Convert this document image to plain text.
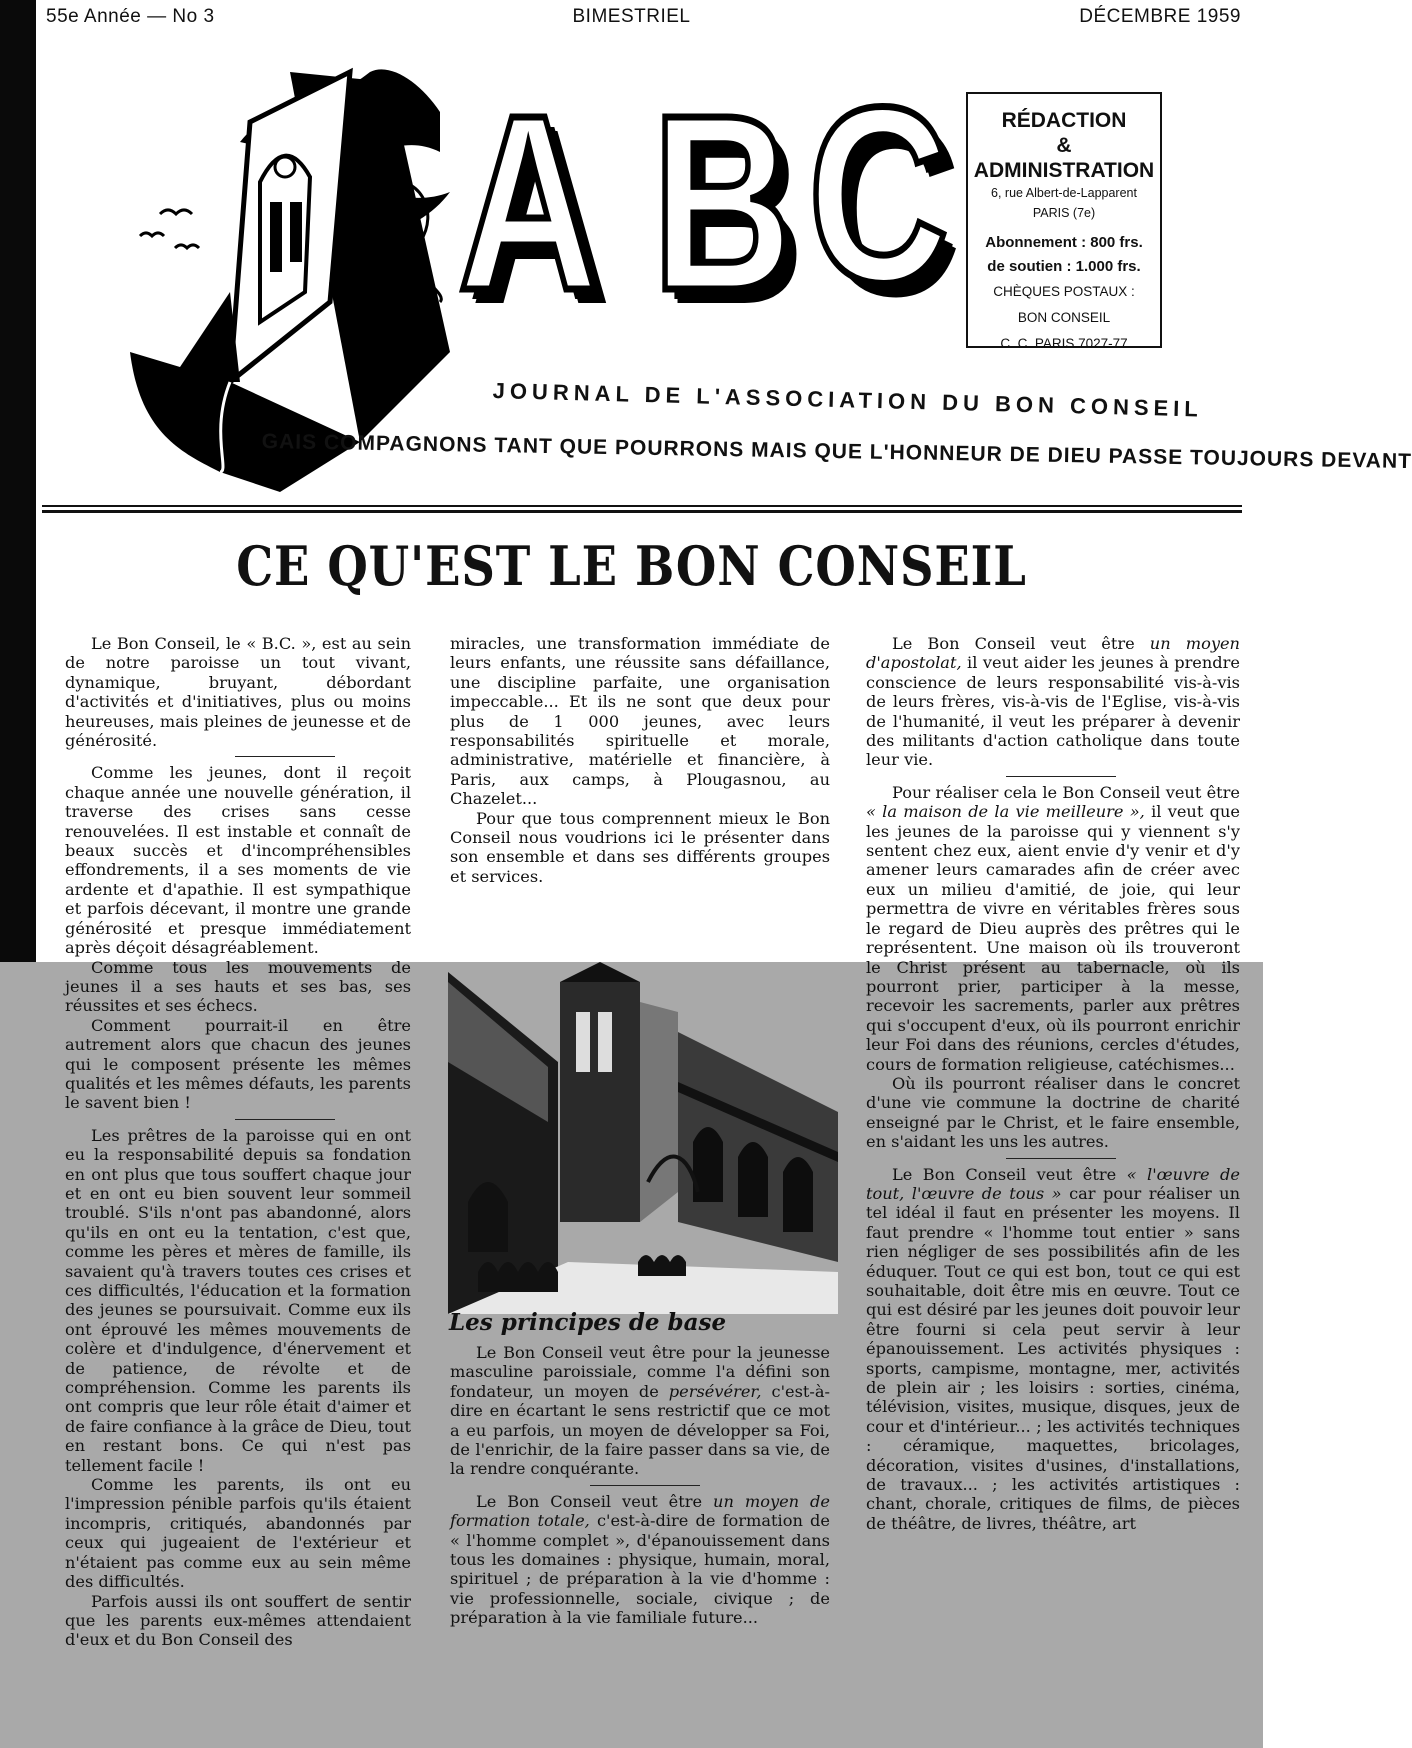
55e Année — No 3	BIMESTRIEL	DÉCEMBRE 1959
A B C	RÉDACTION
& ADMINISTRATION
6, rue Albert-de-Lapparent
PARIS (7e)
Abonnement : 800 frs.
de soutien : 1.000 frs.
CHÈQUES POSTAUX :
BON CONSEIL
C. C. PARIS 7027-77
JOURNAL DE L'ASSOCIATION DU BON CONSEIL
GAIS COMPAGNONS TANT QUE POURRONS MAIS QUE L'HONNEUR DE DIEU PASSE TOUJOURS DEVANT
CE QU'EST LE BON CONSEIL

Le Bon Conseil, le « B.C. », est au sein de notre paroisse un tout vivant, dynamique, bruyant, débordant d'activités et d'initiatives, plus ou moins heureuses, mais pleines de jeunesse et de générosité.

Comme les jeunes, dont il reçoit chaque année une nouvelle génération, il traverse des crises sans cesse renouvelées. Il est instable et connaît de beaux succès et d'incompréhensibles effondrements, il a ses moments de vie ardente et d'apathie. Il est sympathique et parfois décevant, il montre une grande générosité et presque immédiatement après déçoit désagréablement.

Comme tous les mouvements de jeunes il a ses hauts et ses bas, ses réussites et ses échecs.

Comment pourrait-il en être autrement alors que chacun des jeunes qui le composent présente les mêmes qualités et les mêmes défauts, les parents le savent bien !

Les prêtres de la paroisse qui en ont eu la responsabilité depuis sa fondation en ont plus que tous souffert chaque jour et en ont eu bien souvent leur sommeil troublé. S'ils n'ont pas abandonné, alors qu'ils en ont eu la tentation, c'est que, comme les pères et mères de famille, ils savaient qu'à travers toutes ces crises et ces difficultés, l'éducation et la formation des jeunes se poursuivait. Comme eux ils ont éprouvé les mêmes mouvements de colère et d'indulgence, d'énervement et de patience, de révolte et de compréhension. Comme les parents ils ont compris que leur rôle était d'aimer et de faire confiance à la grâce de Dieu, tout en restant bons. Ce qui n'est pas tellement facile !

Comme les parents, ils ont eu l'impression pénible parfois qu'ils étaient incompris, critiqués, abandonnés par ceux qui jugeaient de l'extérieur et n'étaient pas comme eux au sein même des difficultés.

Parfois aussi ils ont souffert de sentir que les parents eux-mêmes attendaient d'eux et du Bon Conseil des

miracles, une transformation immédiate de leurs enfants, une réussite sans défaillance, une discipline parfaite, une organisation impeccable... Et ils ne sont que deux pour plus de 1 000 jeunes, avec leurs responsabilités spirituelle et morale, administrative, matérielle et financière, à Paris, aux camps, à Plougasnou, au Chazelet...

Pour que tous comprennent mieux le Bon Conseil nous voudrions ici le présenter dans son ensemble et dans ses différents groupes et services.

Les principes de base

Le Bon Conseil veut être pour la jeunesse masculine paroissiale, comme l'a défini son fondateur, un moyen de persévérer, c'est-à-dire en écartant le sens restrictif que ce mot a eu parfois, un moyen de développer sa Foi, de l'enrichir, de la faire passer dans sa vie, de la rendre conquérante.

Le Bon Conseil veut être un moyen de formation totale, c'est-à-dire de formation de « l'homme complet », d'épanouissement dans tous les domaines : physique, humain, moral, spirituel ; de préparation à la vie d'homme : vie professionnelle, sociale, civique ; de préparation à la vie familiale future...

Le Bon Conseil veut être un moyen d'apostolat, il veut aider les jeunes à prendre conscience de leurs responsabilité vis-à-vis de leurs frères, vis-à-vis de l'Eglise, vis-à-vis de l'humanité, il veut les préparer à devenir des militants d'action catholique dans toute leur vie.

Pour réaliser cela le Bon Conseil veut être « la maison de la vie meilleure », il veut que les jeunes de la paroisse qui y viennent s'y sentent chez eux, aient envie d'y venir et d'y amener leurs camarades afin de créer avec eux un milieu d'amitié, de joie, qui leur permettra de vivre en véritables frères sous le regard de Dieu auprès des prêtres qui le représentent. Une maison où ils trouveront le Christ présent au tabernacle, où ils pourront prier, participer à la messe, recevoir les sacrements, parler aux prêtres qui s'occupent d'eux, où ils pourront enrichir leur Foi dans des réunions, cercles d'études, cours de formation religieuse, catéchismes...

Où ils pourront réaliser dans le concret d'une vie commune la doctrine de charité enseigné par le Christ, et le faire ensemble, en s'aidant les uns les autres.

Le Bon Conseil veut être « l'œuvre de tout, l'œuvre de tous » car pour réaliser un tel idéal il faut en présenter les moyens. Il faut prendre « l'homme tout entier » sans rien négliger de ses possibilités afin de les éduquer. Tout ce qui est bon, tout ce qui est souhaitable, doit être mis en œuvre. Tout ce qui est désiré par les jeunes doit pouvoir leur être fourni si cela peut servir à leur épanouissement. Les activités physiques : sports, campisme, montagne, mer, activités de plein air ; les loisirs : sorties, cinéma, télévision, visites, musique, disques, jeux de cour et d'intérieur... ; les activités techniques : céramique, maquettes, bricolages, décoration, visites d'usines, d'installations, de travaux... ; les activités artistiques : chant, chorale, critiques de films, de pièces de théâtre, de livres, théâtre, art
